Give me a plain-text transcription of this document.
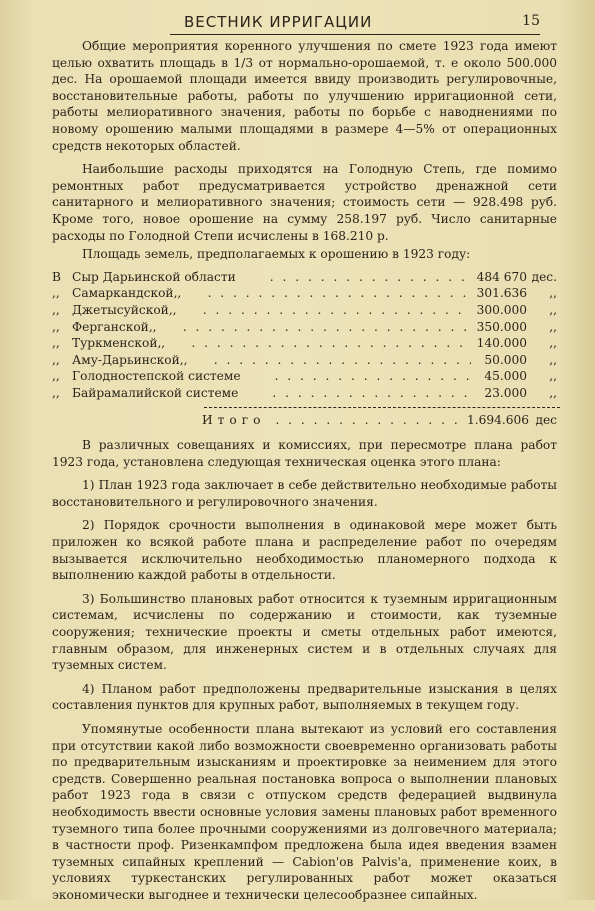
ВЕСТНИК ИРРИГАЦИИ	15

Общие мероприятия коренного улучшения по смете 1923 года имеют целью охватить площадь в 1/3 от нормально-орошаемой, т. е около 500.000 дес. На орошаемой площади имеется ввиду производить регулировочные, восстановительные работы, работы по улучшению ирригационной сети, работы мелиоративного значения, работы по борьбе с наводнениями по новому орошению малыми площадями в размере 4—5% от операционных средств некоторых областей.

Наибольшие расходы приходятся на Голодную Степь, где помимо ремонтных работ предусматривается устройство дренажной сети санитарного и мелиоративного значения; стоимость сети — 928.498 руб. Кроме того, новое орошение на сумму 258.197 руб. Число санитарные расходы по Голодной Степи исчислены в 168.210 р.

Площадь земель, предполагаемых к орошению в 1923 году:

В Сыр Дарьинской области . . .	484 670 дес.
,,	Самаркандской ,, . . .	301.636	,,
,,	Джетысуйской ,, . . .	300.000	,,
,,	Ферганской ,, . . .	350.000	,,
,,	Туркменской ,, . . .	140.000	,,
,,	Аму-Дарьинской ,, . . .	50.000	,,
,,	Голодностепской системе . . .	45.000	,,
,,	Байрамалийской системе . . .	23.000	,,
Итого . . .	1.694.606 дес

В различных совещаниях и комиссиях, при пересмотре плана работ 1923 года, установлена следующая техническая оценка этого плана:

1) План 1923 года заключает в себе действительно необходимые работы восстановительного и регулировочного значения.
2) Порядок срочности выполнения в одинаковой мере может быть приложен ко всякой работе плана и распределение работ по очередям вызывается исключительно необходимостью планомерного подхода к выполнению каждой работы в отдельности.
3) Большинство плановых работ относится к туземным ирригационным системам, исчислены по содержанию и стоимости, как туземные сооружения; технические проекты и сметы отдельных работ имеются, главным образом, для инженерных систем и в отдельных случаях для туземных систем.
4) Планом работ предположены предварительные изыскания в целях составления пунктов для крупных работ, выполняемых в текущем году.

Упомянутые особенности плана вытекают из условий его составления при отсутствии какой либо возможности своевременно организовать работы по предварительным изысканиям и проектировке за неимением для этого средств. Совершенно реальная постановка вопроса о выполнении плановых работ 1923 года в связи с отпуском средств федерацией выдвинула необходимость ввести основные условия замены плановых работ временного туземного типа более прочными сооружениями из долговечного материала; в частности проф. Ризенкампфом предложена была идея введения взамен туземных сипайных креплений — Cabion'ов Palvis'a, применение коих, в условиях туркестанских регулированных работ может оказаться экономически выгоднее и технически целесообразнее сипайных.
